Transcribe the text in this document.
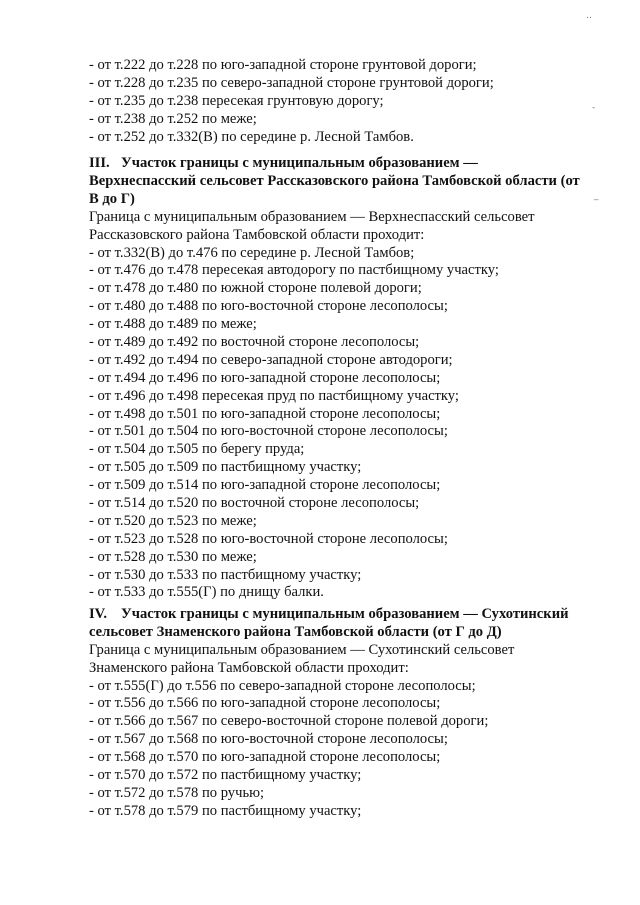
‥
-
‾
- от т.222 до т.228 по юго-западной стороне грунтовой дороги;
- от т.228 до т.235 по северо-западной стороне грунтовой дороги;
- от т.235 до т.238 пересекая грунтовую дорогу;
- от т.238 до т.252 по меже;
- от т.252 до т.332(В) по середине р. Лесной Тамбов.
III. Участок границы с муниципальным образованием —
Верхнеспасский сельсовет Рассказовского района Тамбовской области (от
В до Г)
Граница с муниципальным образованием — Верхнеспасский сельсовет
Рассказовского района Тамбовской области проходит:
- от т.332(В) до т.476 по середине р. Лесной Тамбов;
- от т.476 до т.478 пересекая автодорогу по пастбищному участку;
- от т.478 до т.480 по южной стороне полевой дороги;
- от т.480 до т.488 по юго-восточной стороне лесополосы;
- от т.488 до т.489 по меже;
- от т.489 до т.492 по восточной стороне лесополосы;
- от т.492 до т.494 по северо-западной стороне автодороги;
- от т.494 до т.496 по юго-западной стороне лесополосы;
- от т.496 до т.498 пересекая пруд по пастбищному участку;
- от т.498 до т.501 по юго-западной стороне лесополосы;
- от т.501 до т.504 по юго-восточной стороне лесополосы;
- от т.504 до т.505 по берегу пруда;
- от т.505 до т.509 по пастбищному участку;
- от т.509 до т.514 по юго-западной стороне лесополосы;
- от т.514 до т.520 по восточной стороне лесополосы;
- от т.520 до т.523 по меже;
- от т.523 до т.528 по юго-восточной стороне лесополосы;
- от т.528 до т.530 по меже;
- от т.530 до т.533 по пастбищному участку;
- от т.533 до т.555(Г) по днищу балки.
IV. Участок границы с муниципальным образованием — Сухотинский
сельсовет Знаменского района Тамбовской области (от Г до Д)
Граница с муниципальным образованием — Сухотинский сельсовет
Знаменского района Тамбовской области проходит:
- от т.555(Г) до т.556 по северо-западной стороне лесополосы;
- от т.556 до т.566 по юго-западной стороне лесополосы;
- от т.566 до т.567 по северо-восточной стороне полевой дороги;
- от т.567 до т.568 по юго-восточной стороне лесополосы;
- от т.568 до т.570 по юго-западной стороне лесополосы;
- от т.570 до т.572 по пастбищному участку;
- от т.572 до т.578 по ручью;
- от т.578 до т.579 по пастбищному участку;
